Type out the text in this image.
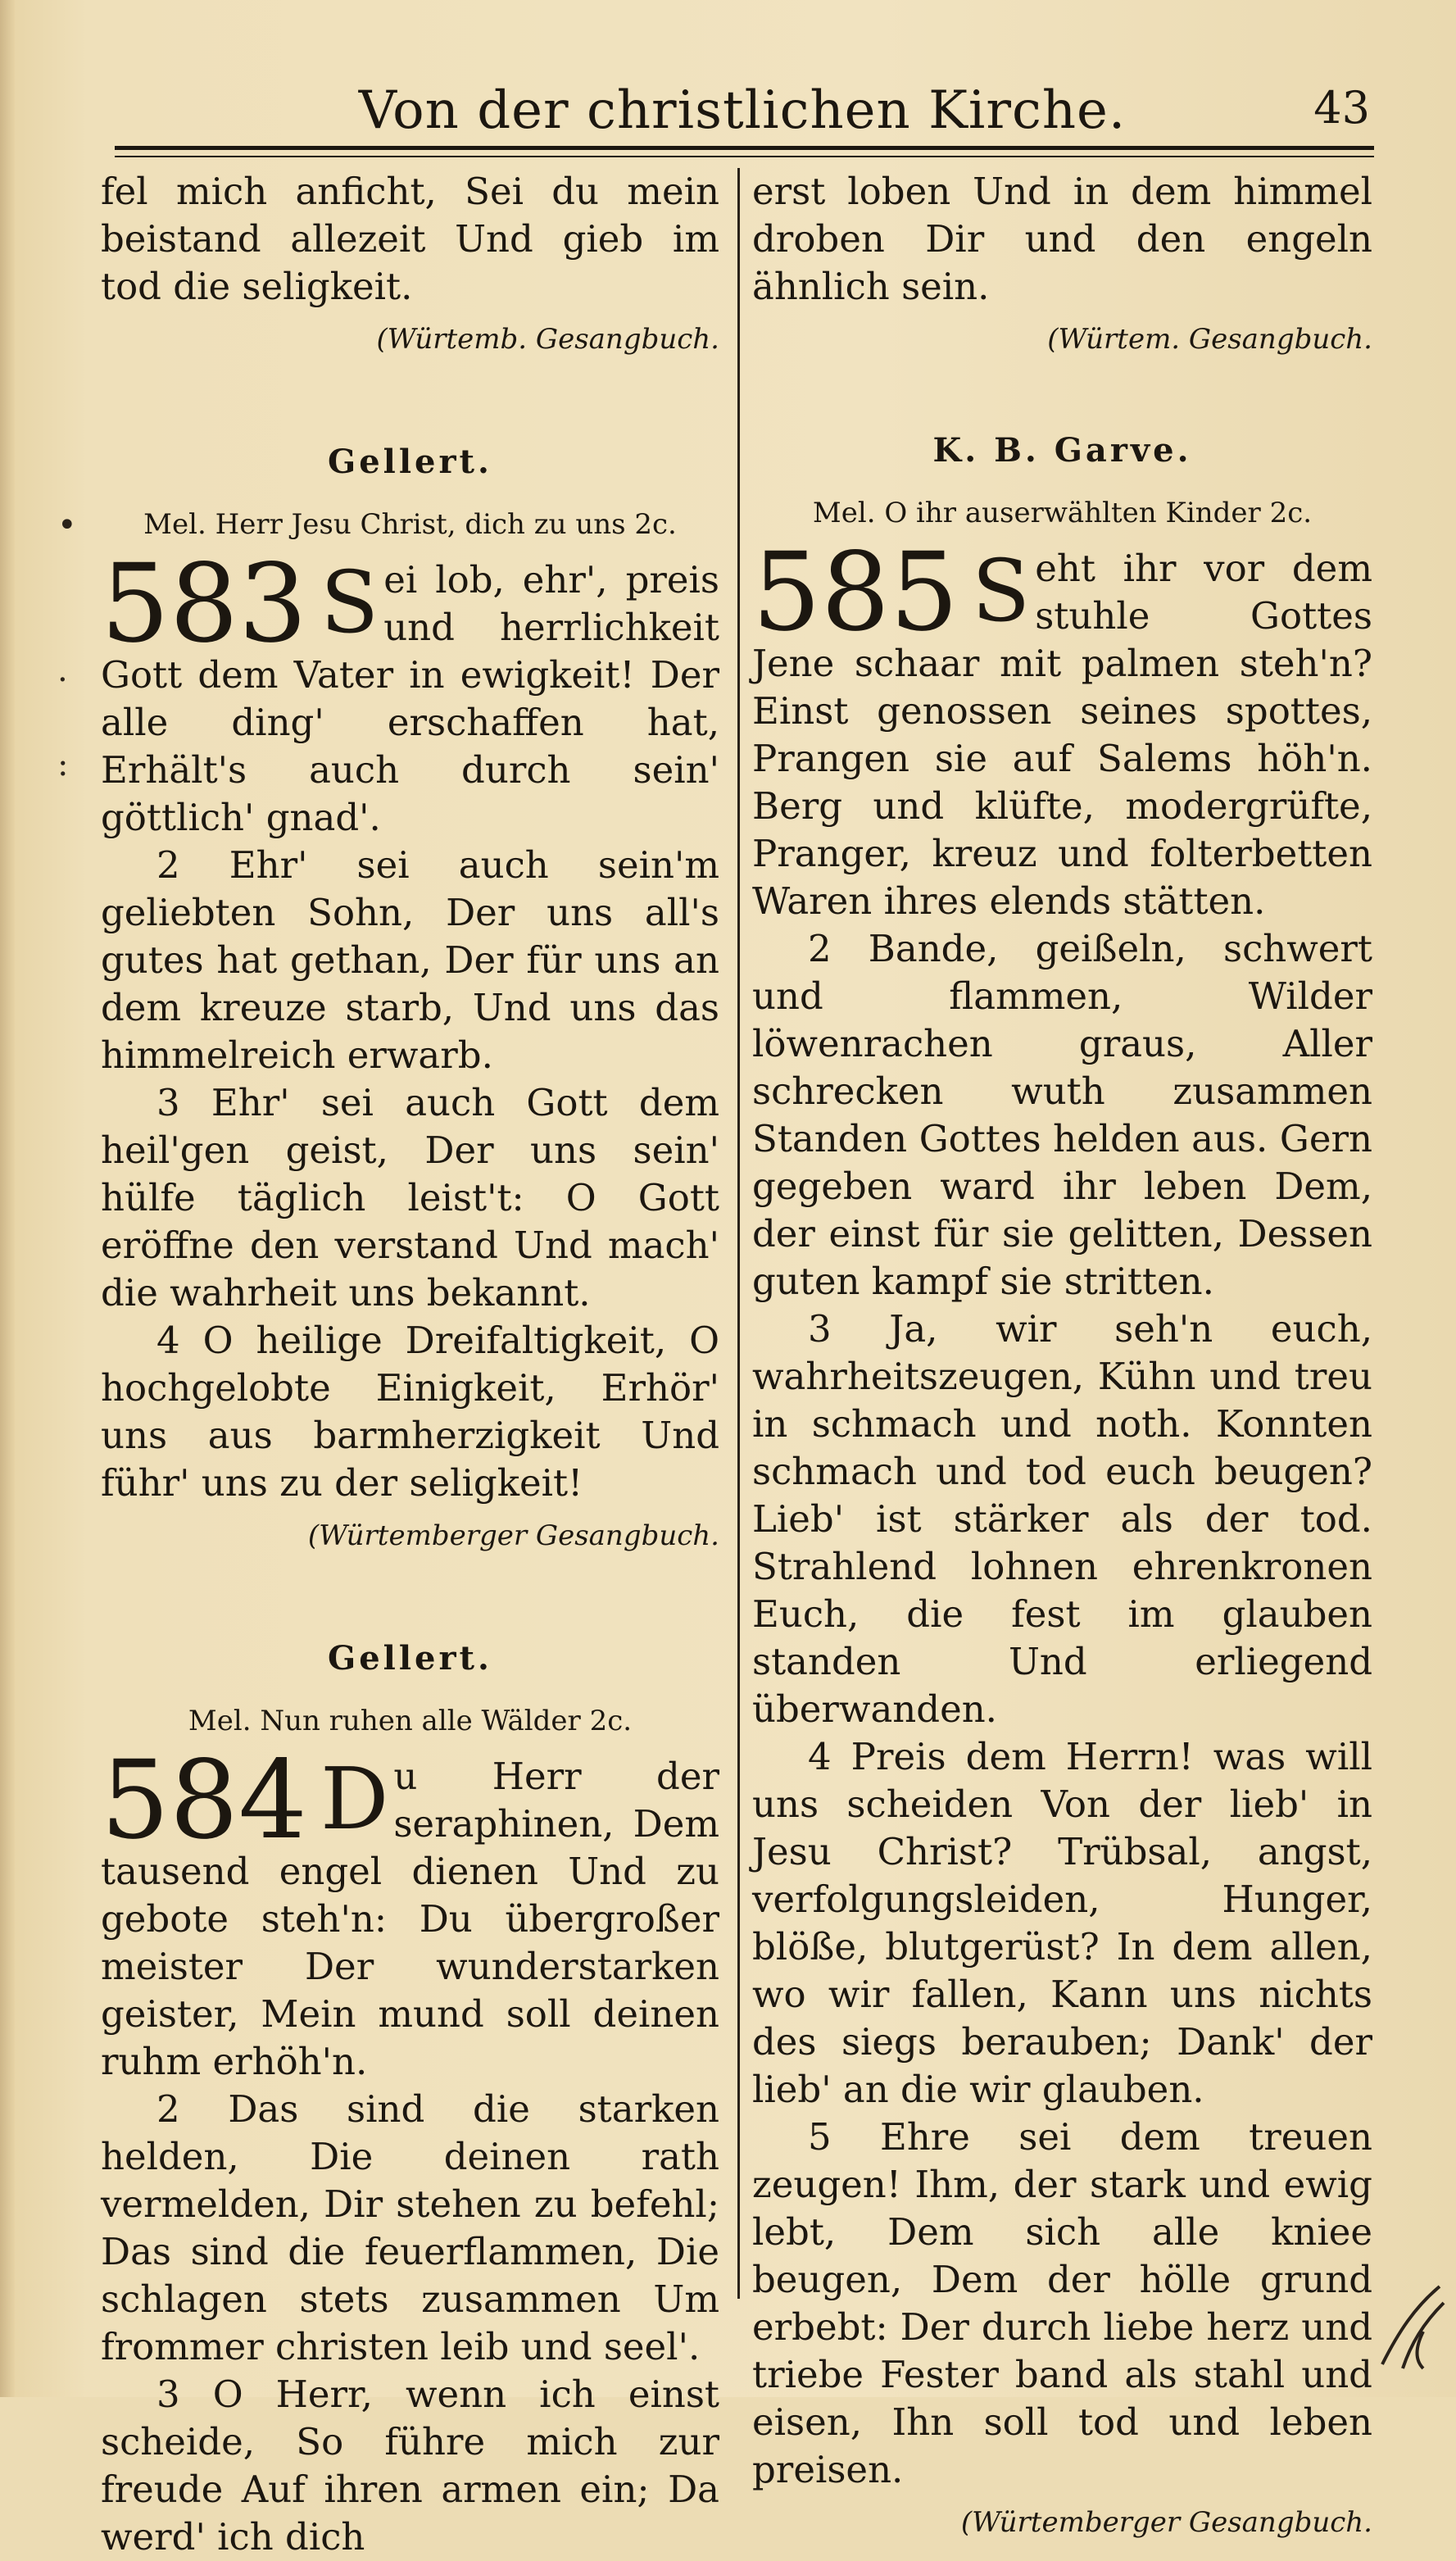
Von der christlichen Kirche.	43
•
.
:

fel mich anficht, Sei du mein beistand allezeit Und gieb im tod die seligkeit.

(Würtemb. Gesangbuch.
Gellert.
Mel. Herr Jesu Christ, dich zu uns 2c.
583 S ei lob, ehr', preis und herrlichkeit Gott dem Vater in ewigkeit! Der alle ding' erschaffen hat, Erhält's auch durch sein' göttlich' gnad'.

2 Ehr' sei auch sein'm geliebten Sohn, Der uns all's gutes hat gethan, Der für uns an dem kreuze starb, Und uns das himmelreich erwarb.

3 Ehr' sei auch Gott dem heil'gen geist, Der uns sein' hülfe täglich leist't: O Gott eröffne den verstand Und mach' die wahrheit uns bekannt.

4 O heilige Dreifaltigkeit, O hochgelobte Einigkeit, Erhör' uns aus barmherzigkeit Und führ' uns zu der seligkeit!

(Würtemberger Gesangbuch.
Gellert.
Mel. Nun ruhen alle Wälder 2c.
584 D u Herr der seraphinen, Dem tausend engel dienen Und zu gebote steh'n: Du übergroßer meister Der wunderstarken geister, Mein mund soll deinen ruhm erhöh'n.

2 Das sind die starken helden, Die deinen rath vermelden, Dir stehen zu befehl; Das sind die feuerflammen, Die schlagen stets zusammen Um frommer christen leib und seel'.

3 O Herr, wenn ich einst scheide, So führe mich zur freude Auf ihren armen ein; Da werd' ich dich

erst loben Und in dem himmel droben Dir und den engeln ähnlich sein.

(Würtem. Gesangbuch.
K. B. Garve.
Mel. O ihr auserwählten Kinder 2c.
585 S eht ihr vor dem stuhle Gottes Jene schaar mit palmen steh'n? Einst genossen seines spottes, Prangen sie auf Salems höh'n. Berg und klüfte, modergrüfte, Pranger, kreuz und folterbetten Waren ihres elends stätten.

2 Bande, geißeln, schwert und flammen, Wilder löwenrachen graus, Aller schrecken wuth zusammen Standen Gottes helden aus. Gern gegeben ward ihr leben Dem, der einst für sie gelitten, Dessen guten kampf sie stritten.

3 Ja, wir seh'n euch, wahrheitszeugen, Kühn und treu in schmach und noth. Konnten schmach und tod euch beugen? Lieb' ist stärker als der tod. Strahlend lohnen ehrenkronen Euch, die fest im glauben standen Und erliegend überwanden.

4 Preis dem Herrn! was will uns scheiden Von der lieb' in Jesu Christ? Trübsal, angst, verfolgungsleiden, Hunger, blöße, blutgerüst? In dem allen, wo wir fallen, Kann uns nichts des siegs berauben; Dank' der lieb' an die wir glauben.

5 Ehre sei dem treuen zeugen! Ihm, der stark und ewig lebt, Dem sich alle kniee beugen, Dem der hölle grund erbebt: Der durch liebe herz und triebe Fester band als stahl und eisen, Ihn soll tod und leben preisen.

(Würtemberger Gesangbuch.
